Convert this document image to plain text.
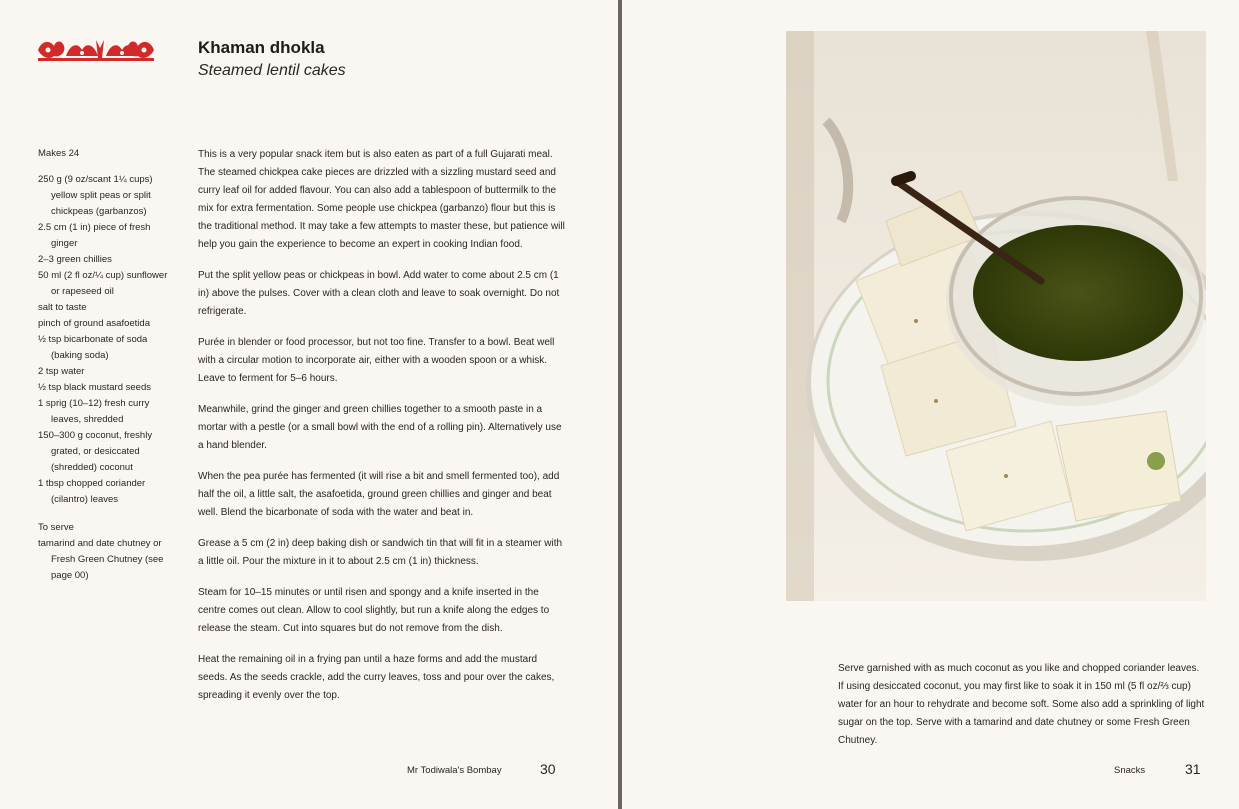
Khaman dhokla
Steamed lentil cakes
Makes 24
250 g (9 oz/scant 1¼ cups) yellow split peas or split chickpeas (garbanzos)
2.5 cm (1 in) piece of fresh ginger
2–3 green chillies
50 ml (2 fl oz/¼ cup) sunflower or rapeseed oil
salt to taste
pinch of ground asafoetida
½ tsp bicarbonate of soda (baking soda)
2 tsp water
½ tsp black mustard seeds
1 sprig (10–12) fresh curry leaves, shredded
150–300 g coconut, freshly grated, or desiccated (shredded) coconut
1 tbsp chopped coriander (cilantro) leaves
To serve
tamarind and date chutney or Fresh Green Chutney (see page 00)

This is a very popular snack item but is also eaten as part of a full Gujarati meal. The steamed chickpea cake pieces are drizzled with a sizzling mustard seed and curry leaf oil for added flavour. You can also add a tablespoon of buttermilk to the mix for extra fermentation. Some people use chickpea (garbanzo) flour but this is the traditional method. It may take a few attempts to master these, but patience will help you gain the experience to become an expert in cooking Indian food.

Put the split yellow peas or chickpeas in bowl. Add water to come about 2.5 cm (1 in) above the pulses. Cover with a clean cloth and leave to soak overnight. Do not refrigerate.

Purée in blender or food processor, but not too fine. Transfer to a bowl. Beat well with a circular motion to incorporate air, either with a wooden spoon or a whisk. Leave to ferment for 5–6 hours.

Meanwhile, grind the ginger and green chillies together to a smooth paste in a mortar with a pestle (or a small bowl with the end of a rolling pin). Alternatively use a hand blender.

When the pea purée has fermented (it will rise a bit and smell fermented too), add half the oil, a little salt, the asafoetida, ground green chillies and ginger and beat well. Blend the bicarbonate of soda with the water and beat in.

Grease a 5 cm (2 in) deep baking dish or sandwich tin that will fit in a steamer with a little oil. Pour the mixture in it to about 2.5 cm (1 in) thickness.

Steam for 10–15 minutes or until risen and spongy and a knife inserted in the centre comes out clean. Allow to cool slightly, but run a knife along the edges to release the steam. Cut into squares but do not remove from the dish.

Heat the remaining oil in a frying pan until a haze forms and add the mustard seeds. As the seeds crackle, add the curry leaves, toss and pour over the cakes, spreading it evenly over the top.

Mr Todiwala's Bombay	30

Serve garnished with as much coconut as you like and chopped coriander leaves. If using desiccated coconut, you may first like to soak it in 150 ml (5 fl oz/⅔ cup) water for an hour to rehydrate and become soft. Some also add a sprinkling of light sugar on the top. Serve with a tamarind and date chutney or some Fresh Green Chutney.

Snacks	31
